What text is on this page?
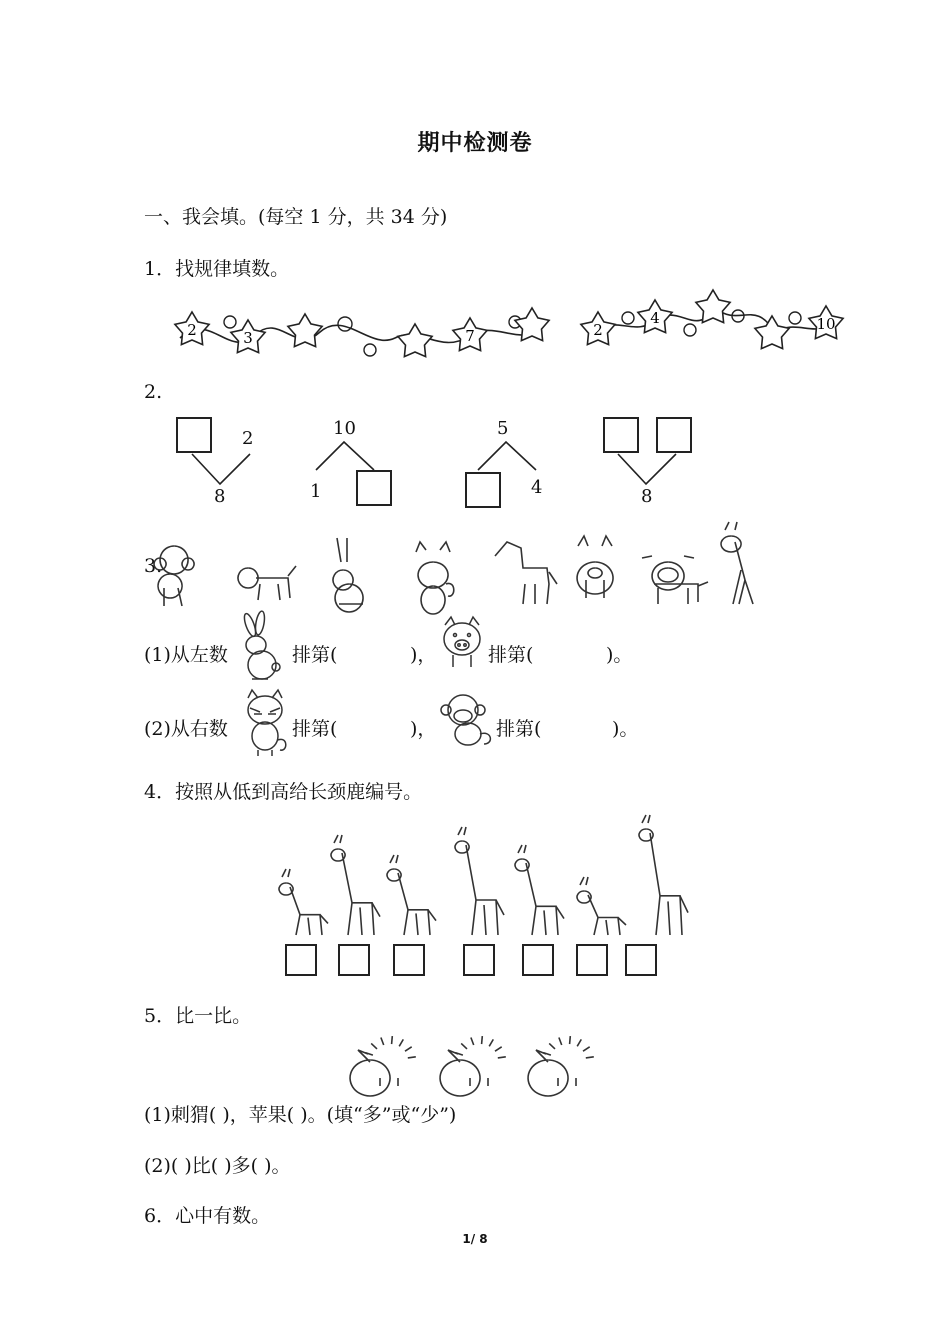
期中检测卷
一、我会填。(每空 1 分，共 34 分)
1．找规律填数。
2	3	7	2
4	10
2.
2
8
10
1
5
4	8
3.
(1)从左数	排第(	)，	排第(	)。
(2)从右数	排第(	)，	排第(	)。
4．按照从低到高给长颈鹿编号。
5．比一比。
(1)刺猬( )，苹果( )。(填“多”或“少”)
(2)( )比( )多( )。
6．心中有数。
1/ 8
